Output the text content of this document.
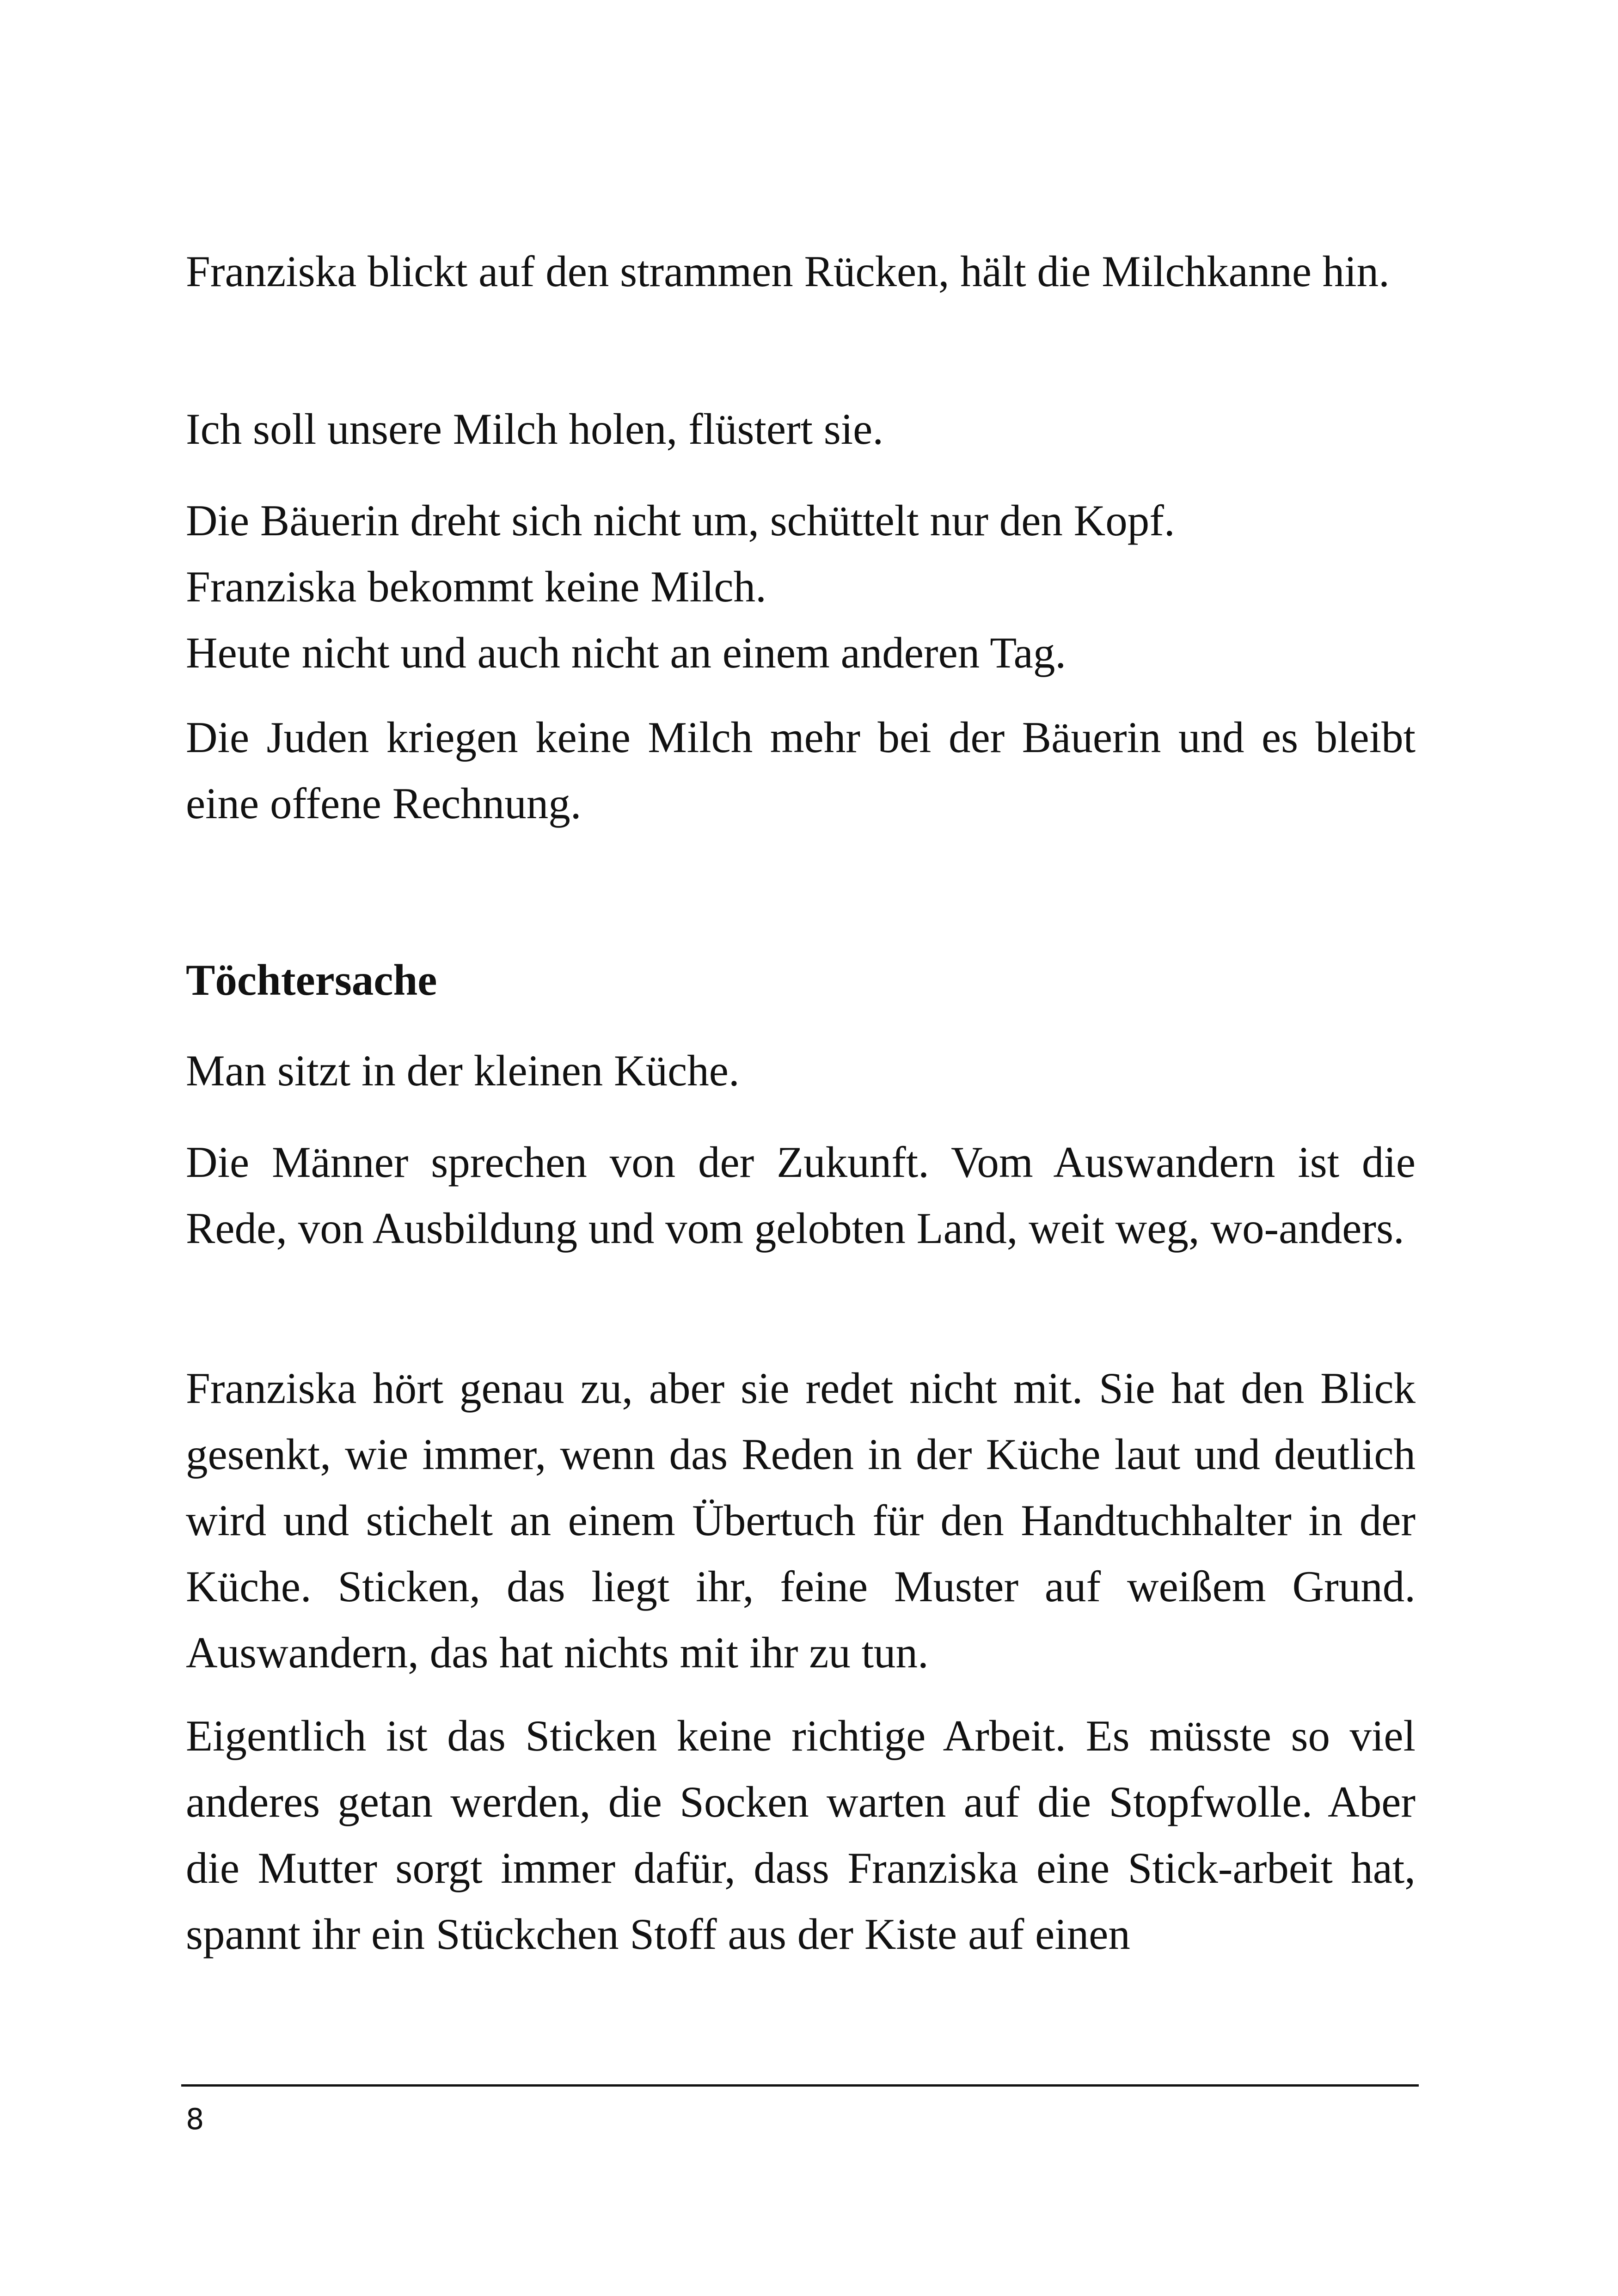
Franziska blickt auf den strammen Rücken, hält die Milchkanne hin.

Ich soll unsere Milch holen, flüstert sie.

Die Bäuerin dreht sich nicht um, schüttelt nur den Kopf.
Franziska bekommt keine Milch.
Heute nicht und auch nicht an einem anderen Tag.

Die Juden kriegen keine Milch mehr bei der Bäuerin und es bleibt eine offene Rechnung.

Töchtersache

Man sitzt in der kleinen Küche.

Die Männer sprechen von der Zukunft. Vom Auswandern ist die Rede, von Ausbildung und vom gelobten Land, weit weg, wo-anders.

Franziska hört genau zu, aber sie redet nicht mit. Sie hat den Blick gesenkt, wie immer, wenn das Reden in der Küche laut und deutlich wird und stichelt an einem Übertuch für den Handtuchhalter in der Küche. Sticken, das liegt ihr, feine Muster auf weißem Grund. Auswandern, das hat nichts mit ihr zu tun.

Eigentlich ist das Sticken keine richtige Arbeit. Es müsste so viel anderes getan werden, die Socken warten auf die Stopfwolle. Aber die Mutter sorgt immer dafür, dass Franziska eine Stick-arbeit hat, spannt ihr ein Stückchen Stoff aus der Kiste auf einen

8
